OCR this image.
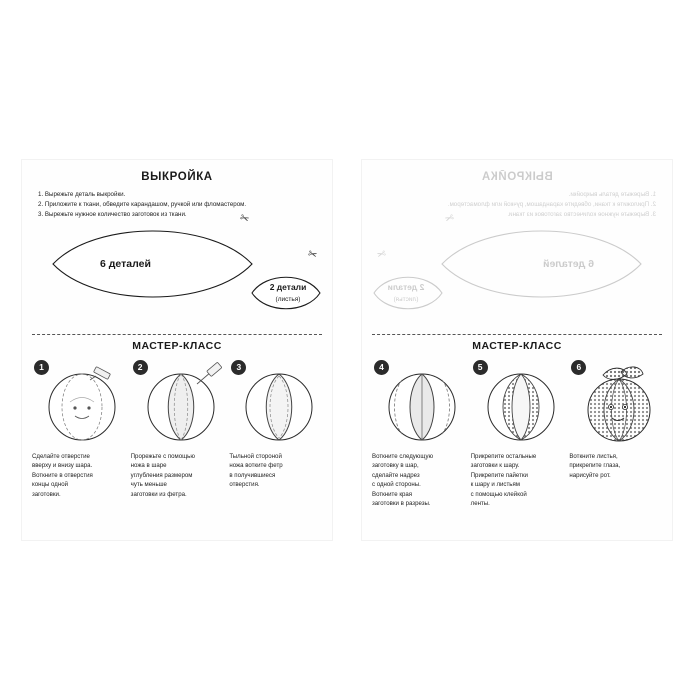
ВЫКРОЙКА
1. Вырежьте деталь выкройки.
2. Приложите к ткани, обведите карандашом, ручкой или фломастером.
3. Вырежьте нужное количество заготовок из ткани.	✂
✂
6 деталей
2 детали
(листья)
МАСТЕР-КЛАСС
1
Сделайте отверстие
вверху и внизу шара.
Воткните в отверстия
концы одной
заготовки.
2
Прорежьте с помощью
ножа в шаре
углубления размером
чуть меньше
заготовки из фетра.
3
Тыльной стороной
ножа вотките фетр
в получившиеся
отверстия.
ВЫКРОЙКА
1. Вырежьте деталь выкройки.
2. Приложите к ткани, обведите карандашом, ручкой или фломастером.
3. Вырежьте нужное количество заготовок из ткани.
✂
✂
6 деталей
2 детали
(листья)
МАСТЕР-КЛАСС
4
Воткните следующую
заготовку в шар,
сделайте надрез
с одной стороны.
Воткните края
заготовки в разрезы.
5
Прикрепите остальные
заготовки к шару.
Прикрепите пайетки
к шару и листьям
с помощью клейкой
ленты.
6
Воткните листья,
прикрепите глаза,
нарисуйте рот.
